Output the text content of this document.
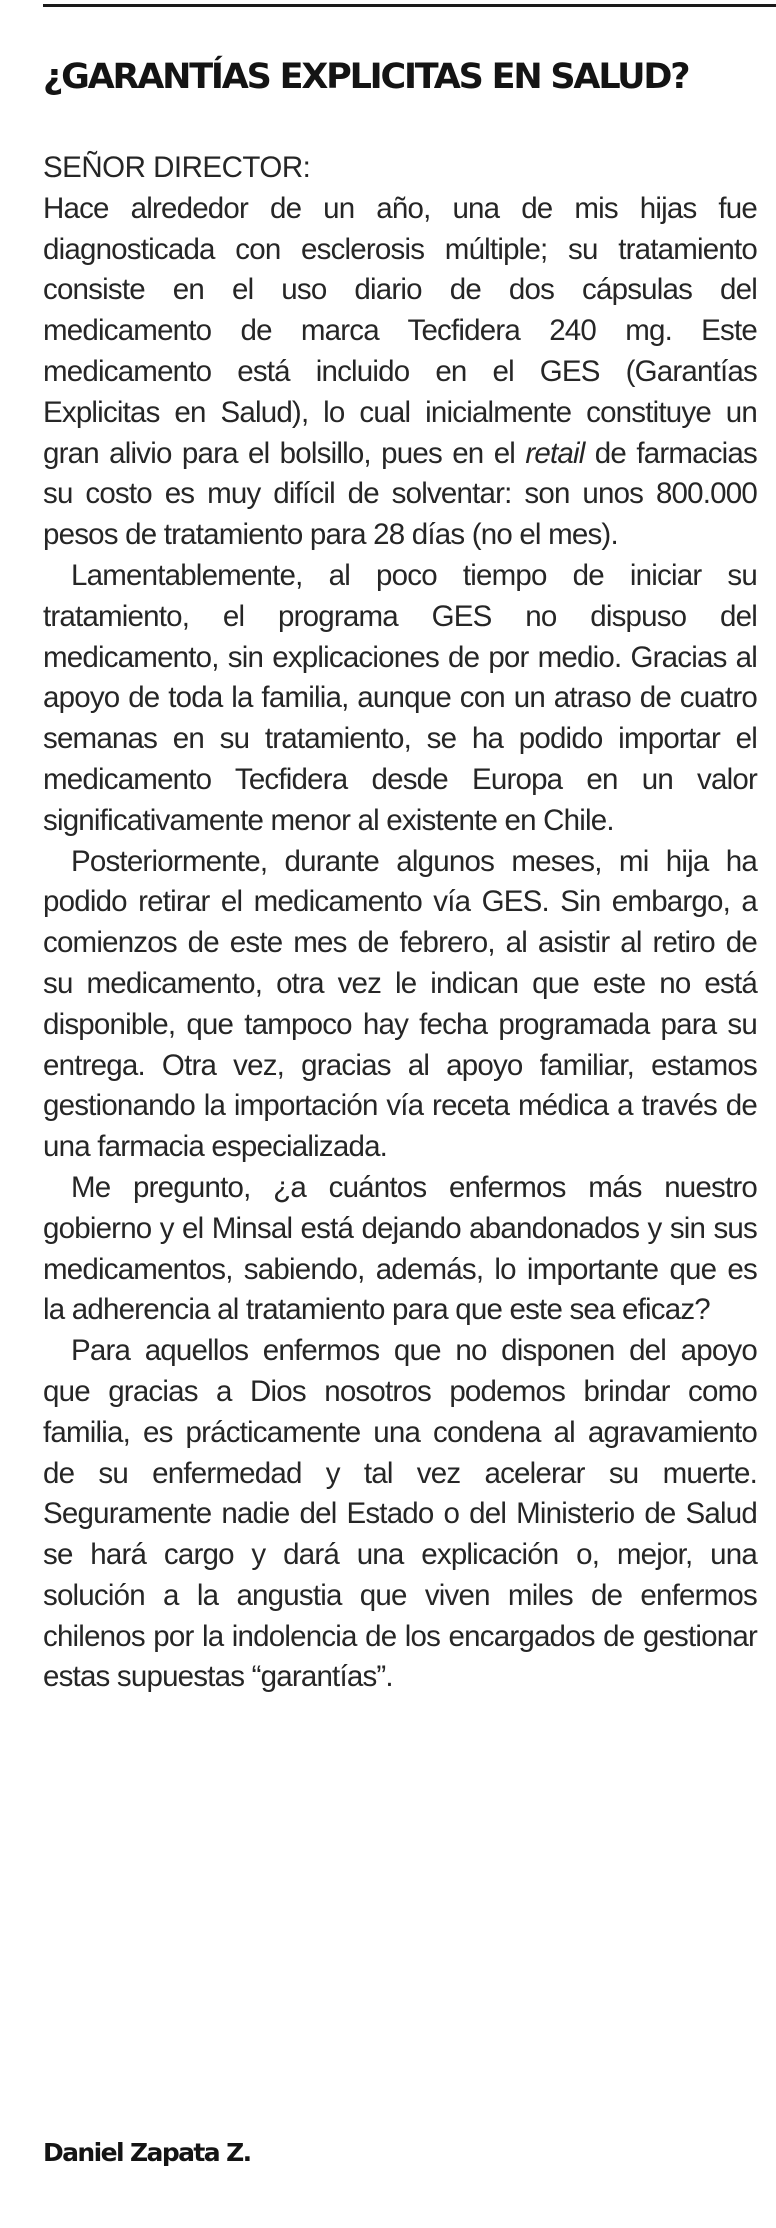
¿GARANTÍAS EXPLICITAS EN SALUD?

SEÑOR DIRECTOR:

Hace alrededor de un año, una de mis hijas fue diagnosticada con esclerosis múltiple; su tratamiento consiste en el uso diario de dos cápsulas del medicamento de marca Tecfidera 240 mg. Este medicamento está incluido en el GES (Garantías Explicitas en Salud), lo cual inicialmente constituye un gran alivio para el bolsillo, pues en el retail de farmacias su costo es muy difícil de solventar: son unos 800.000 pesos de tratamiento para 28 días (no el mes).

Lamentablemente, al poco tiempo de iniciar su tratamiento, el programa GES no dispuso del medicamento, sin explicaciones de por medio. Gracias al apoyo de toda la familia, aunque con un atraso de cuatro semanas en su tratamiento, se ha podido importar el medicamento Tecfidera desde Europa en un valor significativamente menor al existente en Chile.

Posteriormente, durante algunos meses, mi hija ha podido retirar el medicamento vía GES. Sin embargo, a comienzos de este mes de febrero, al asistir al retiro de su medicamento, otra vez le indican que este no está disponible, que tampoco hay fecha programada para su entrega. Otra vez, gracias al apoyo familiar, estamos gestionando la importación vía receta médica a través de una farmacia especializada.

Me pregunto, ¿a cuántos enfermos más nuestro gobierno y el Minsal está dejando abandonados y sin sus medicamentos, sabiendo, además, lo importante que es la adherencia al tratamiento para que este sea eficaz?

Para aquellos enfermos que no disponen del apoyo que gracias a Dios nosotros podemos brindar como familia, es prácticamente una condena al agravamiento de su enfermedad y tal vez acelerar su muerte. Seguramente nadie del Estado o del Ministerio de Salud se hará cargo y dará una explicación o, mejor, una solución a la angustia que viven miles de enfermos chilenos por la indolencia de los encargados de gestionar estas supuestas “garantías”.

Daniel Zapata Z.
